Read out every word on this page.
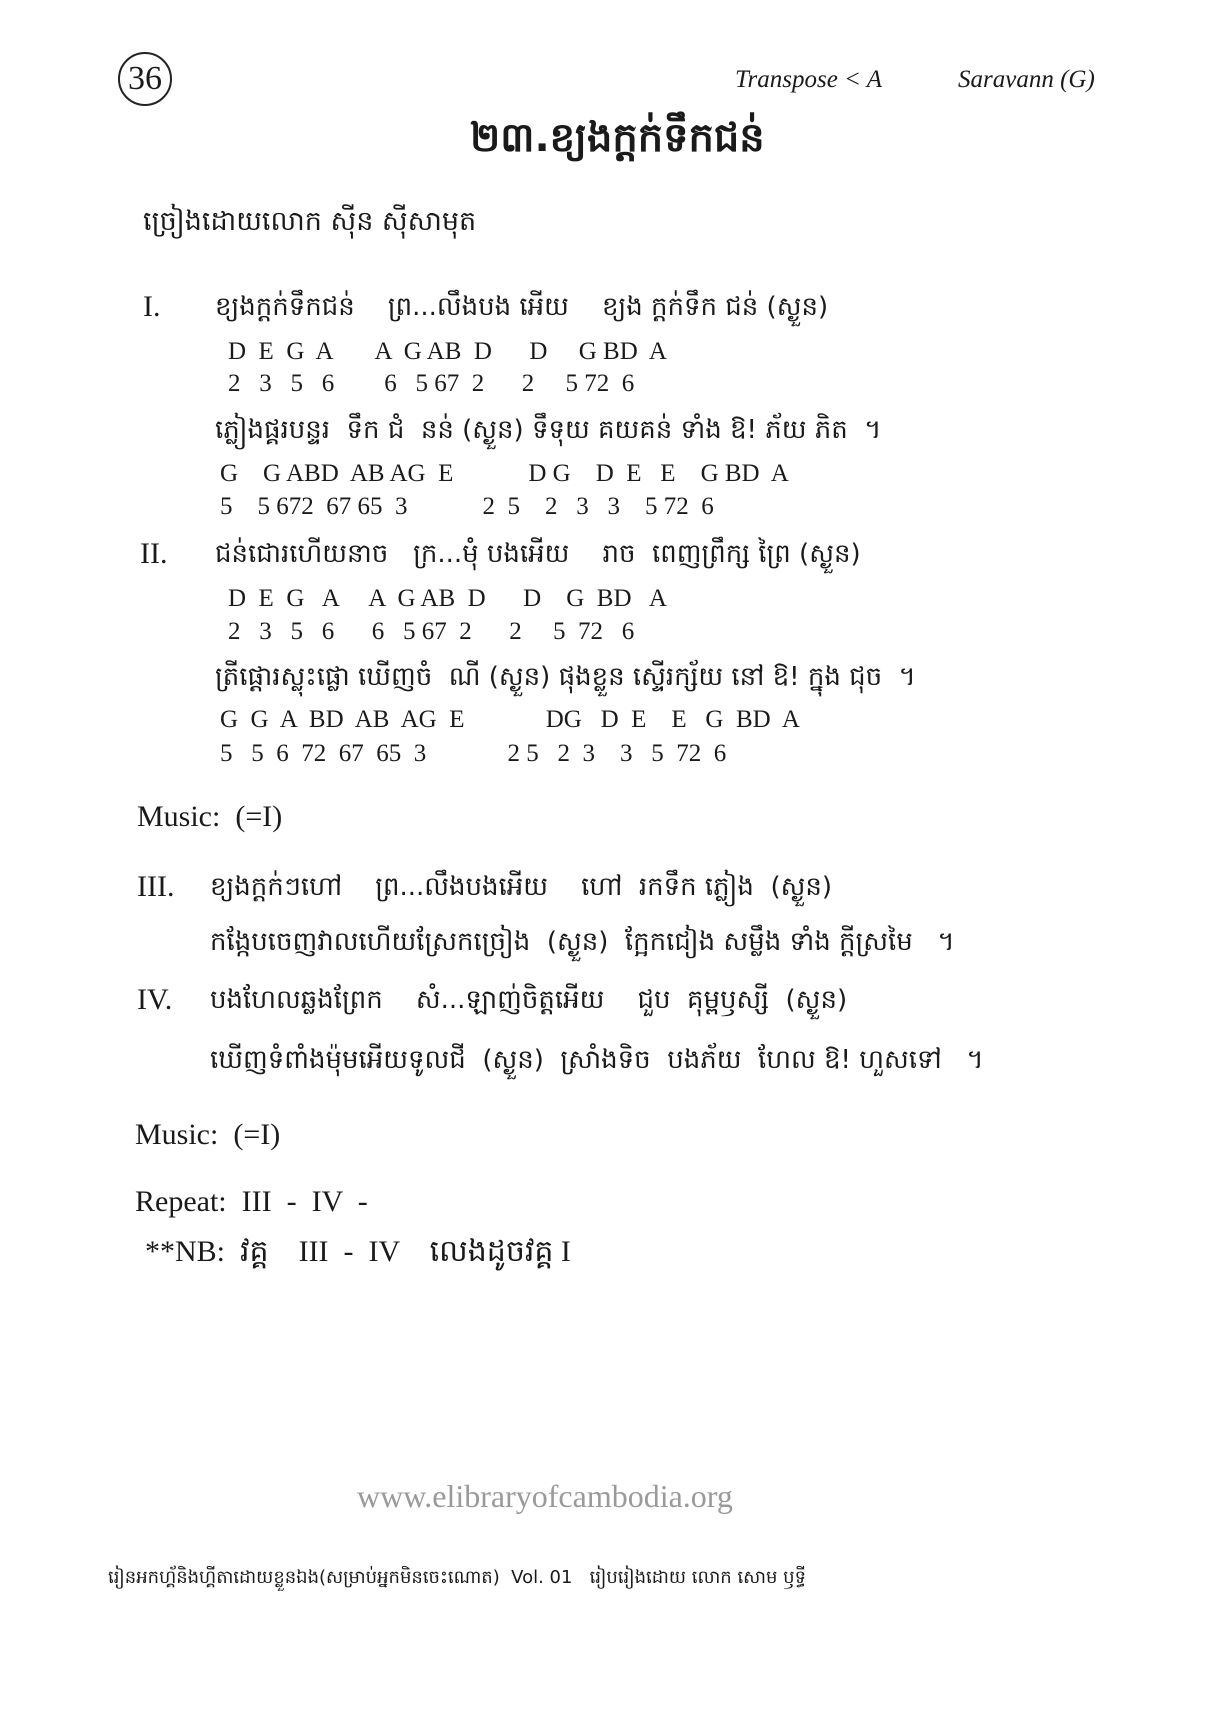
36	Transpose < A	Saravann (G)
២៣.ខ្យងក្តក់ទឹកជន់
ច្រៀងដោយលោក ស៊ីន ស៊ីសាមុត
I. ខ្យងក្តក់ទឹកជន់    ព្រ...លឹងបង អើយ    ខ្យង ក្តក់ទឹក ជន់ (ស្ងួន)
D  E  G  A       A  G AB  D      D     G BD  A
2   3   5   6        6   5 67  2      2     5 72  6
ភ្លៀងផ្គរបន្ទរ  ទឹក ជំ  នន់ (ស្ងួន) ទឹទុយ គយគន់ ទាំង ឱ! ភ័យ ភិត  ។
G    G ABD  AB AG  E            D G    D  E   E    G BD  A
5    5 672  67 65  3            2  5    2   3   3    5 72  6
II. ជន់ជោរហើយនាច   ក្រ...មុំ បងអើយ    រាច  ពេញព្រឹក្ស ព្រៃ (ស្ងួន)
D  E  G   A     A  G AB  D      D    G  BD   A
2   3   5   6      6   5 67  2      2     5  72   6
ត្រីផ្តោរស្លុះផ្លោ ឃើញចំ  ណី (ស្ងួន) ផុងខ្លួន ស្ទើរក្ស័យ នៅ ឱ! ក្នុង ជុច  ។
G  G  A  BD  AB  AG  E             DG   D  E    E   G  BD  A
5   5  6  72  67  65  3             2 5   2  3    3   5  72  6
Music:  (=I)
III. ខ្យងក្តក់ៗហៅ    ព្រ...លឹងបងអើយ    ហៅ  រកទឹក ភ្លៀង  (ស្ងួន)
កង្កែបចេញវាលហើយស្រែកច្រៀង  (ស្ងួន)  ក្អែកជៀង សម្លឹង ទាំង ក្តីស្រមៃ   ។
IV. បងហែលឆ្លងព្រែក    សំ...ឡាញ់ចិត្តអើយ    ជួប  គុម្ពឫស្សី  (ស្ងួន)
ឃើញទំពាំងម៉ុមអើយទូលជី  (ស្ងួន)  ស្រាំងទិច  បងភ័យ  ហែល ឱ! ហួសទៅ   ។
Music:  (=I)
Repeat:  III  -  IV  -
**NB:  វគ្គ    III  -  IV    លេងដូចវគ្គ I
www.elibraryofcambodia.org
រៀនអកហ្គ័និងហ្គីតាដោយខ្លួនឯង(សម្រាប់អ្នកមិនចេះណោត)  Vol. 01   រៀបរៀងដោយ លោក សោម ឫទ្ធី
